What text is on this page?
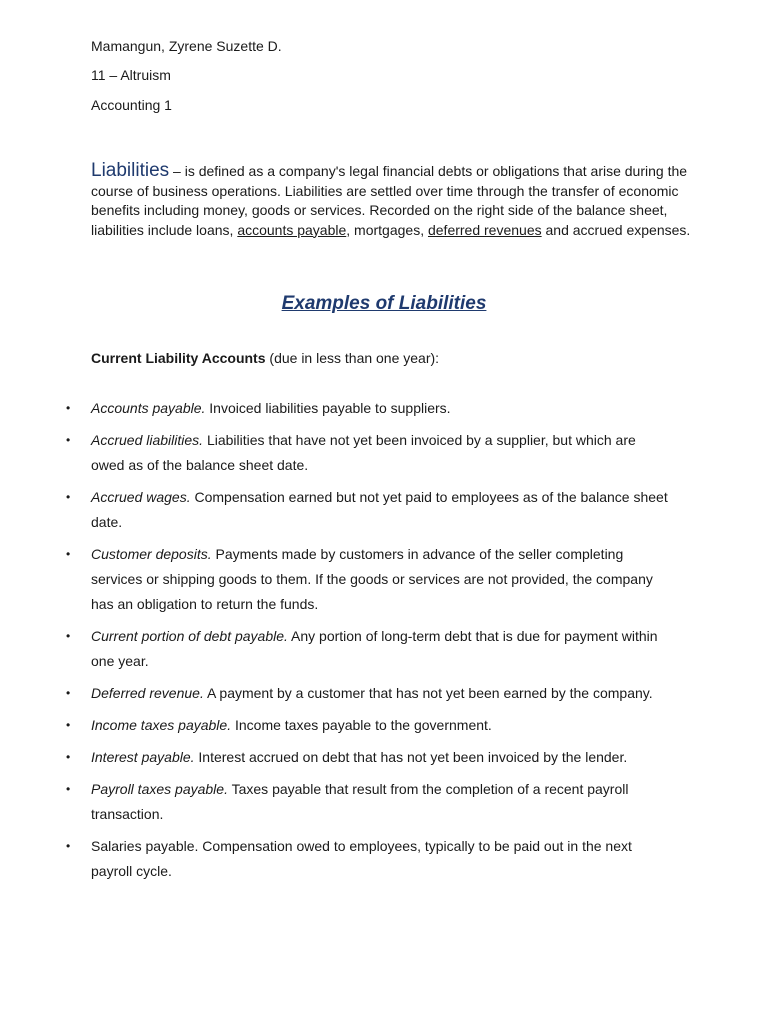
Mamangun, Zyrene Suzette D.
11 – Altruism
Accounting 1
Liabilities – is defined as a company's legal financial debts or obligations that arise during the course of business operations. Liabilities are settled over time through the transfer of economic benefits including money, goods or services. Recorded on the right side of the balance sheet, liabilities include loans, accounts payable, mortgages, deferred revenues and accrued expenses.
Examples of Liabilities
Current Liability Accounts (due in less than one year):
• Accounts payable. Invoiced liabilities payable to suppliers.
• Accrued liabilities. Liabilities that have not yet been invoiced by a supplier, but which are owed as of the balance sheet date.
• Accrued wages. Compensation earned but not yet paid to employees as of the balance sheet date.
• Customer deposits. Payments made by customers in advance of the seller completing services or shipping goods to them. If the goods or services are not provided, the company has an obligation to return the funds.
• Current portion of debt payable. Any portion of long-term debt that is due for payment within one year.
• Deferred revenue. A payment by a customer that has not yet been earned by the company.
• Income taxes payable. Income taxes payable to the government.
• Interest payable. Interest accrued on debt that has not yet been invoiced by the lender.
• Payroll taxes payable. Taxes payable that result from the completion of a recent payroll transaction.
• Salaries payable. Compensation owed to employees, typically to be paid out in the next payroll cycle.
